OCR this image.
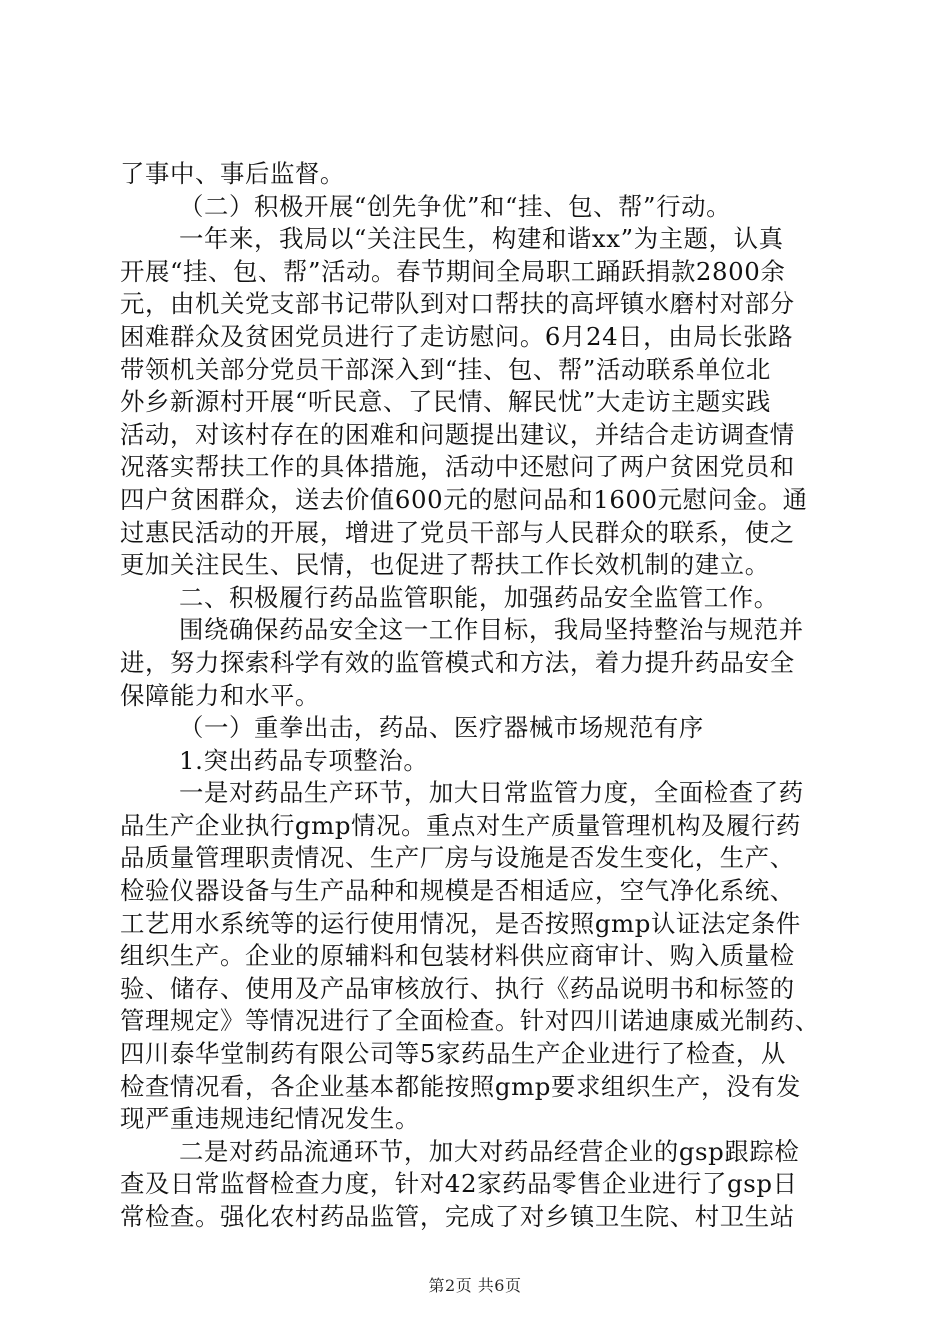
了事中、事后监督。
（二）积极开展“创先争优”和“挂、包、帮”行动。
一年来，我局以“关注民生，构建和谐xx”为主题，认真
开展“挂、包、帮”活动。春节期间全局职工踊跃捐款2800余
元，由机关党支部书记带队到对口帮扶的高坪镇水磨村对部分
困难群众及贫困党员进行了走访慰问。6月24日，由局长张路
带领机关部分党员干部深入到“挂、包、帮”活动联系单位北
外乡新源村开展“听民意、了民情、解民忧”大走访主题实践
活动，对该村存在的困难和问题提出建议，并结合走访调查情
况落实帮扶工作的具体措施，活动中还慰问了两户贫困党员和
四户贫困群众，送去价值600元的慰问品和1600元慰问金。通
过惠民活动的开展，增进了党员干部与人民群众的联系，使之
更加关注民生、民情，也促进了帮扶工作长效机制的建立。
二、积极履行药品监管职能，加强药品安全监管工作。
围绕确保药品安全这一工作目标，我局坚持整治与规范并
进，努力探索科学有效的监管模式和方法，着力提升药品安全
保障能力和水平。
（一）重拳出击，药品、医疗器械市场规范有序
1.突出药品专项整治。
一是对药品生产环节，加大日常监管力度，全面检查了药
品生产企业执行gmp情况。重点对生产质量管理机构及履行药
品质量管理职责情况、生产厂房与设施是否发生变化，生产、
检验仪器设备与生产品种和规模是否相适应，空气净化系统、
工艺用水系统等的运行使用情况，是否按照gmp认证法定条件
组织生产。企业的原辅料和包装材料供应商审计、购入质量检
验、储存、使用及产品审核放行、执行《药品说明书和标签的
管理规定》等情况进行了全面检查。针对四川诺迪康威光制药、
四川泰华堂制药有限公司等5家药品生产企业进行了检查，从
检查情况看，各企业基本都能按照gmp要求组织生产，没有发
现严重违规违纪情况发生。
二是对药品流通环节，加大对药品经营企业的gsp跟踪检
查及日常监督检查力度，针对42家药品零售企业进行了gsp日
常检查。强化农村药品监管，完成了对乡镇卫生院、村卫生站
第2页 共6页
